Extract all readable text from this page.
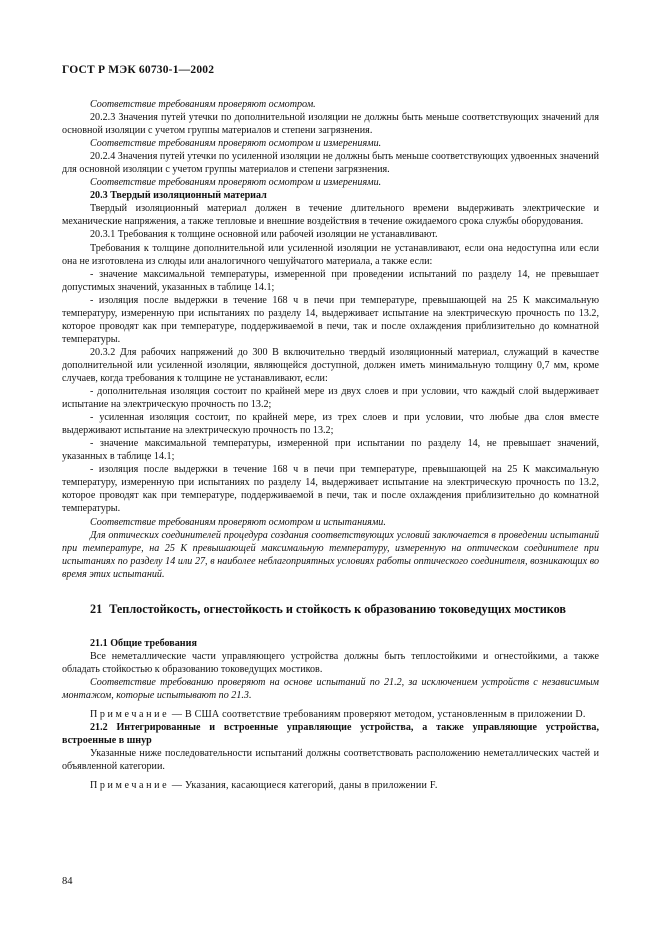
ГОСТ Р МЭК 60730-1—2002

Соответствие требованиям проверяют осмотром.

20.2.3 Значения путей утечки по дополнительной изоляции не должны быть меньше соответствующих значений для основной изоляции с учетом группы материалов и степени загрязнения.

Соответствие требованиям проверяют осмотром и измерениями.

20.2.4 Значения путей утечки по усиленной изоляции не должны быть меньше соответствующих удвоенных значений для основной изоляции с учетом группы материалов и степени загрязнения.

Соответствие требованиям проверяют осмотром и измерениями.

20.3 Твердый изоляционный материал

Твердый изоляционный материал должен в течение длительного времени выдерживать электрические и механические напряжения, а также тепловые и внешние воздействия в течение ожидаемого срока службы оборудования.

20.3.1 Требования к толщине основной или рабочей изоляции не устанавливают.

Требования к толщине дополнительной или усиленной изоляции не устанавливают, если она недоступна или если она не изготовлена из слюды или аналогичного чешуйчатого материала, а также если:

- значение максимальной температуры, измеренной при проведении испытаний по разделу 14, не превышает допустимых значений, указанных в таблице 14.1;

- изоляция после выдержки в течение 168 ч в печи при температуре, превышающей на 25 К максимальную температуру, измеренную при испытаниях по разделу 14, выдерживает испытание на электрическую прочность по 13.2, которое проводят как при температуре, поддерживаемой в печи, так и после охлаждения приблизительно до комнатной температуры.

20.3.2 Для рабочих напряжений до 300 В включительно твердый изоляционный материал, служащий в качестве дополнительной или усиленной изоляции, являющейся доступной, должен иметь минимальную толщину 0,7 мм, кроме случаев, когда требования к толщине не устанавливают, если:

- дополнительная изоляция состоит по крайней мере из двух слоев и при условии, что каждый слой выдерживает испытание на электрическую прочность по 13.2;

- усиленная изоляция состоит, по крайней мере, из трех слоев и при условии, что любые два слоя вместе выдерживают испытание на электрическую прочность по 13.2;

- значение максимальной температуры, измеренной при испытании по разделу 14, не превышает значений, указанных в таблице 14.1;

- изоляция после выдержки в течение 168 ч в печи при температуре, превышающей на 25 К максимальную температуру, измеренную при испытаниях по разделу 14, выдерживает испытание на электрическую прочность по 13.2, которое проводят как при температуре, поддерживаемой в печи, так и после охлаждения приблизительно до комнатной температуры.

Соответствие требованиям проверяют осмотром и испытаниями.

Для оптических соединителей процедура создания соответствующих условий заключается в проведении испытаний при температуре, на 25 К превышающей максимальную температуру, измеренную на оптическом соединителе при испытаниях по разделу 14 или 27, в наиболее неблагоприятных условиях работы оптического соединителя, возникающих во время этих испытаний.

21 Теплостойкость, огнестойкость и стойкость к образованию токоведущих мостиков

21.1 Общие требования

Все неметаллические части управляющего устройства должны быть теплостойкими и огнестойкими, а также обладать стойкостью к образованию токоведущих мостиков.

Соответствие требованию проверяют на основе испытаний по 21.2, за исключением устройств с независимым монтажом, которые испытывают по 21.3.

Примечание — В США соответствие требованиям проверяют методом, установленным в приложении D.

21.2 Интегрированные и встроенные управляющие устройства, а также управляющие устройства, встроенные в шнур

Указанные ниже последовательности испытаний должны соответствовать расположению неметаллических частей и объявленной категории.

Примечание — Указания, касающиеся категорий, даны в приложении F.

84
